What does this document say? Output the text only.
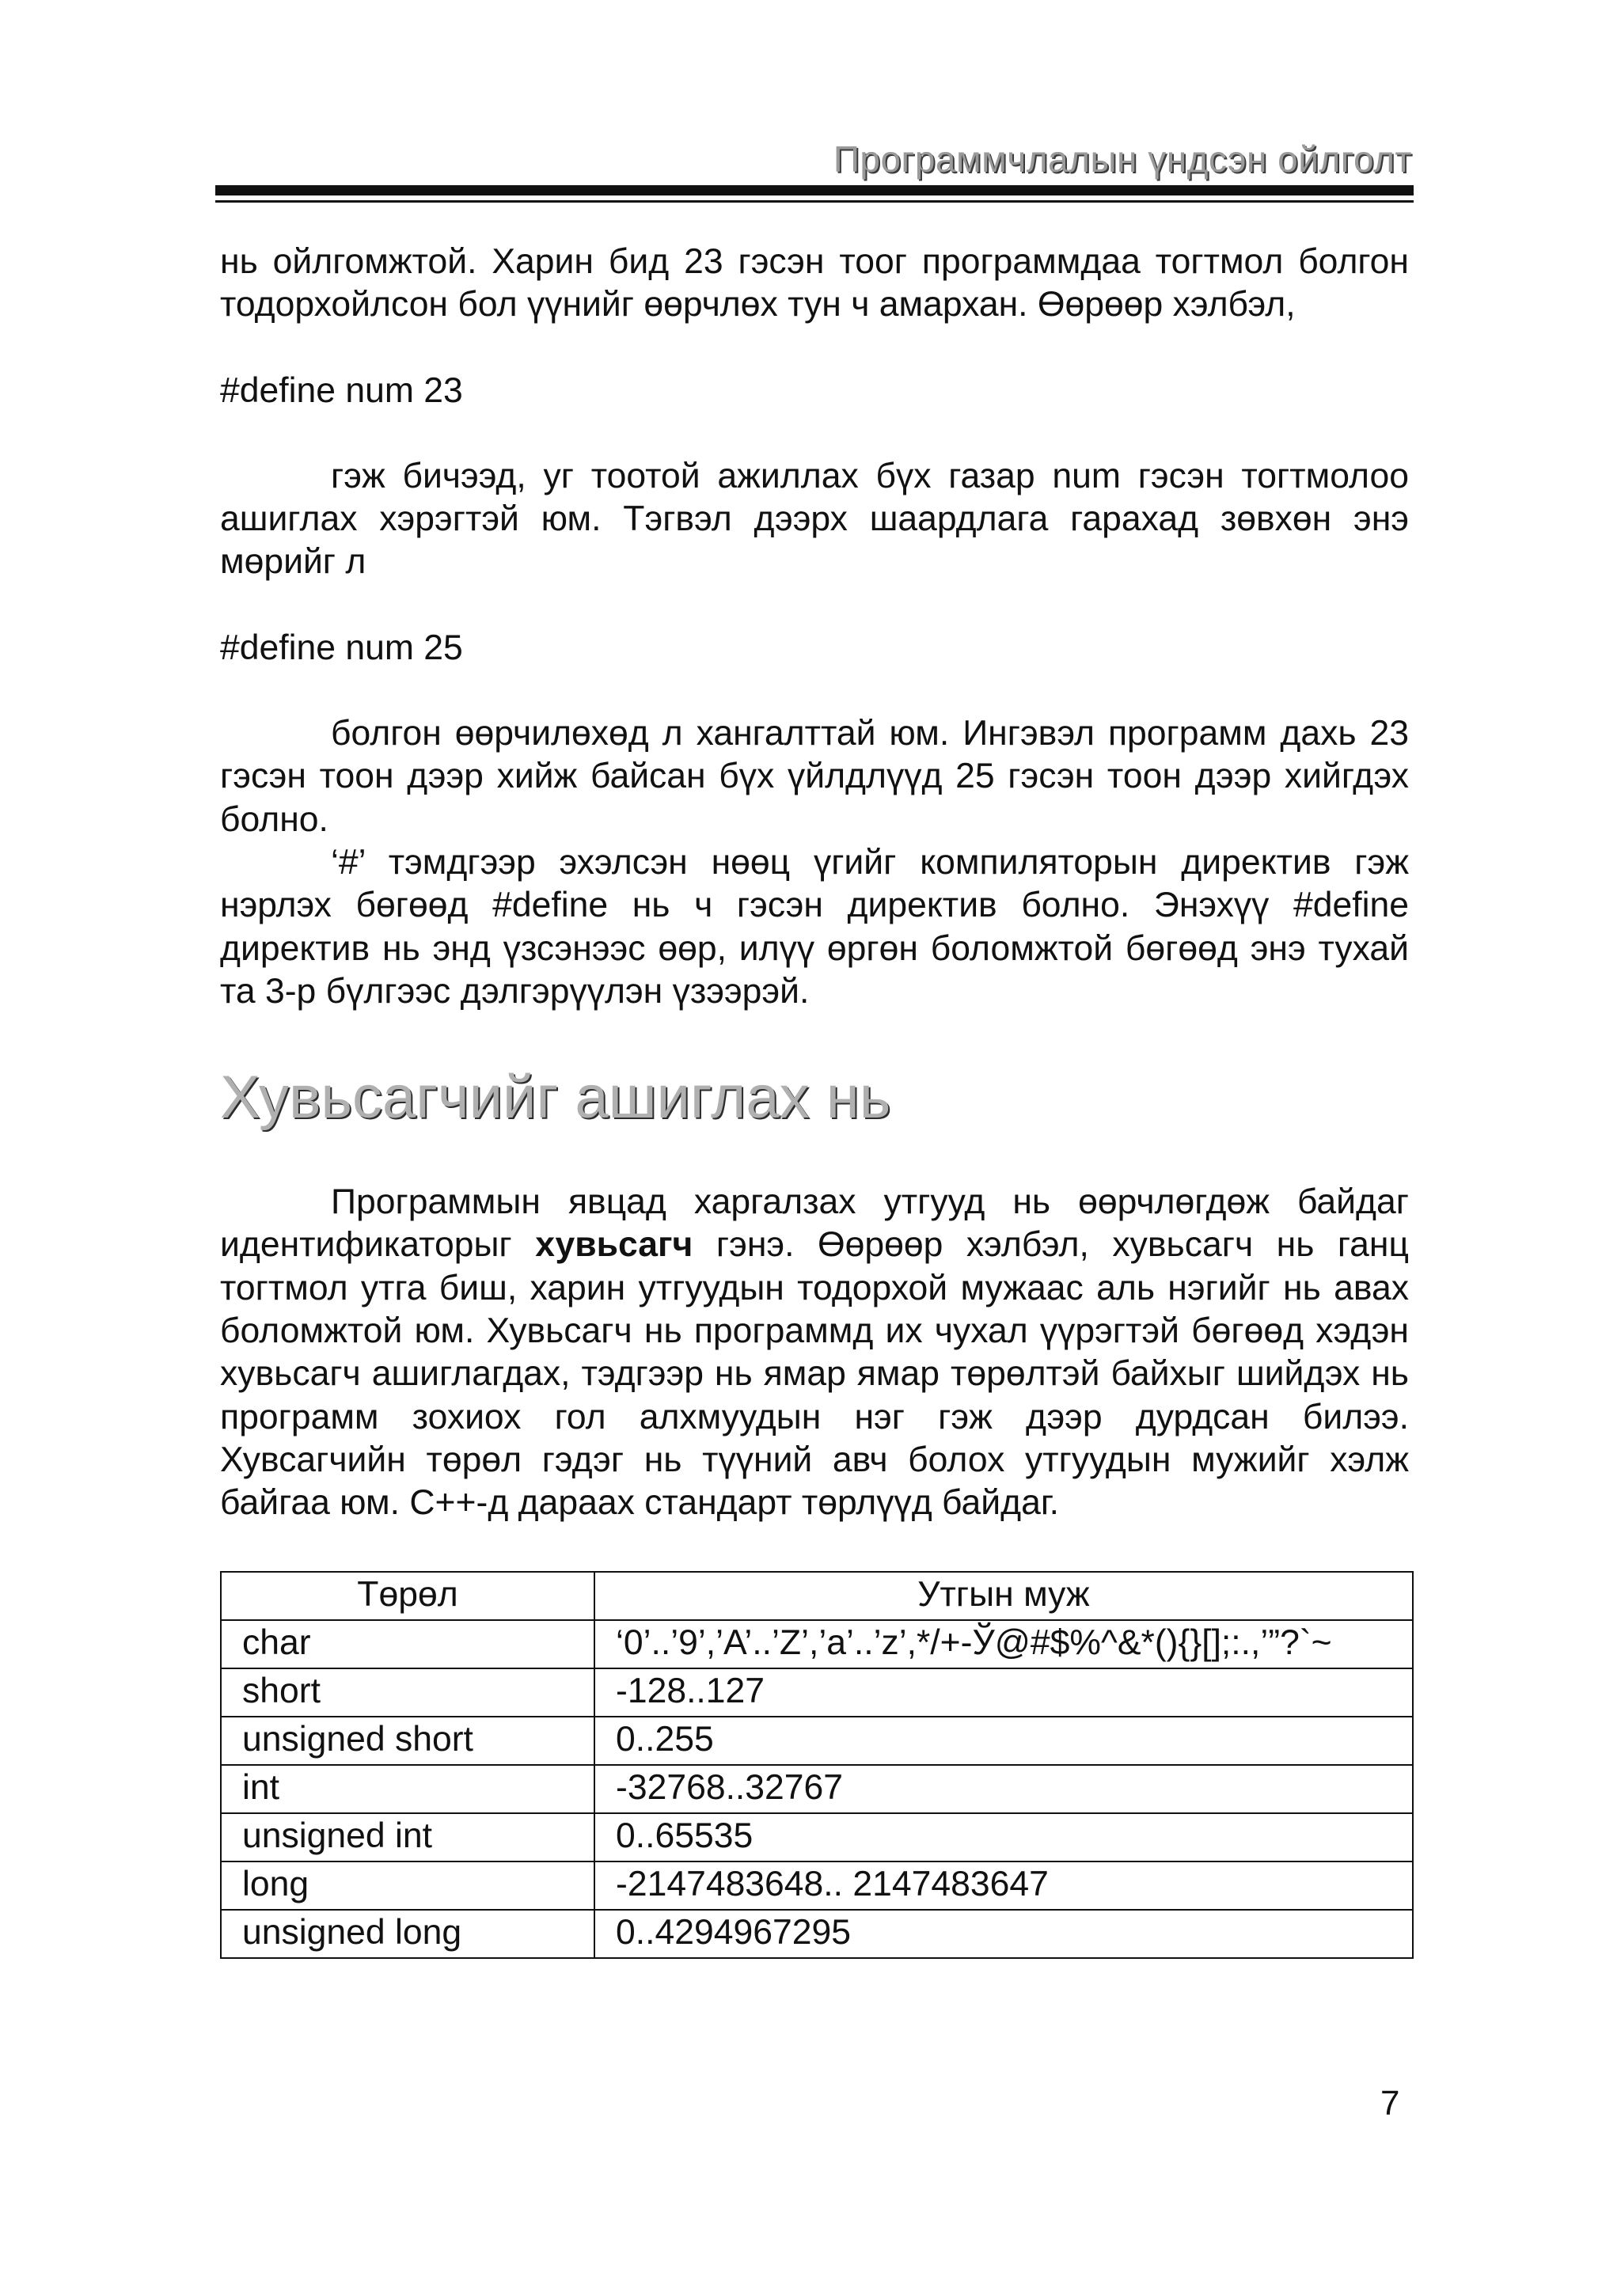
Программчлалын үндсэн ойлголт

нь ойлгомжтой. Харин бид 23 гэсэн тоог программдаа тогтмол болгон тодорхойлсон бол үүнийг өөрчлөх тун ч амархан. Өөрөөр хэлбэл,

#define num 23

гэж бичээд, уг тоотой ажиллах бүх газар num гэсэн тогтмолоо ашиглах хэрэгтэй юм. Тэгвэл дээрх шаардлага гарахад зөвхөн энэ мөрийг л

#define num 25

болгон өөрчилөхөд л хангалттай юм. Ингэвэл программ дахь 23 гэсэн тоон дээр хийж байсан бүх үйлдлүүд 25 гэсэн тоон дээр хийгдэх болно.

‘#’ тэмдгээр эхэлсэн нөөц үгийг компиляторын директив гэж нэрлэх бөгөөд #define нь ч гэсэн директив болно. Энэхүү #define директив нь энд үзсэнээс өөр, илүү өргөн боломжтой бөгөөд энэ тухай та 3-р бүлгээс дэлгэрүүлэн үзээрэй.

Хувьсагчийг ашиглах нь

Программын явцад харгалзах утгууд нь өөрчлөгдөж байдаг идентификаторыг хувьсагч гэнэ. Өөрөөр хэлбэл, хувьсагч нь ганц тогтмол утга биш, харин утгуудын тодорхой мужаас аль нэгийг нь авах боломжтой юм. Хувьсагч нь программд их чухал үүрэгтэй бөгөөд хэдэн хувьсагч ашиглагдах, тэдгээр нь ямар ямар төрөлтэй байхыг шийдэх нь программ зохиох гол алхмуудын нэг гэж дээр дурдсан билээ. Хувсагчийн төрөл гэдэг нь түүний авч болох утгуудын мужийг хэлж байгаа юм. С++-д дараах стандарт төрлүүд байдаг.

Төрөл	Утгын муж
char	‘0’..’9’,’A’..’Z’,’a’..’z’,*/+-Ў@#$%^&*(){}[];:.,’”?`~
short	-128..127
unsigned short	0..255
int	-32768..32767
unsigned int	0..65535
long	-2147483648.. 2147483647
unsigned long	0..4294967295
7
